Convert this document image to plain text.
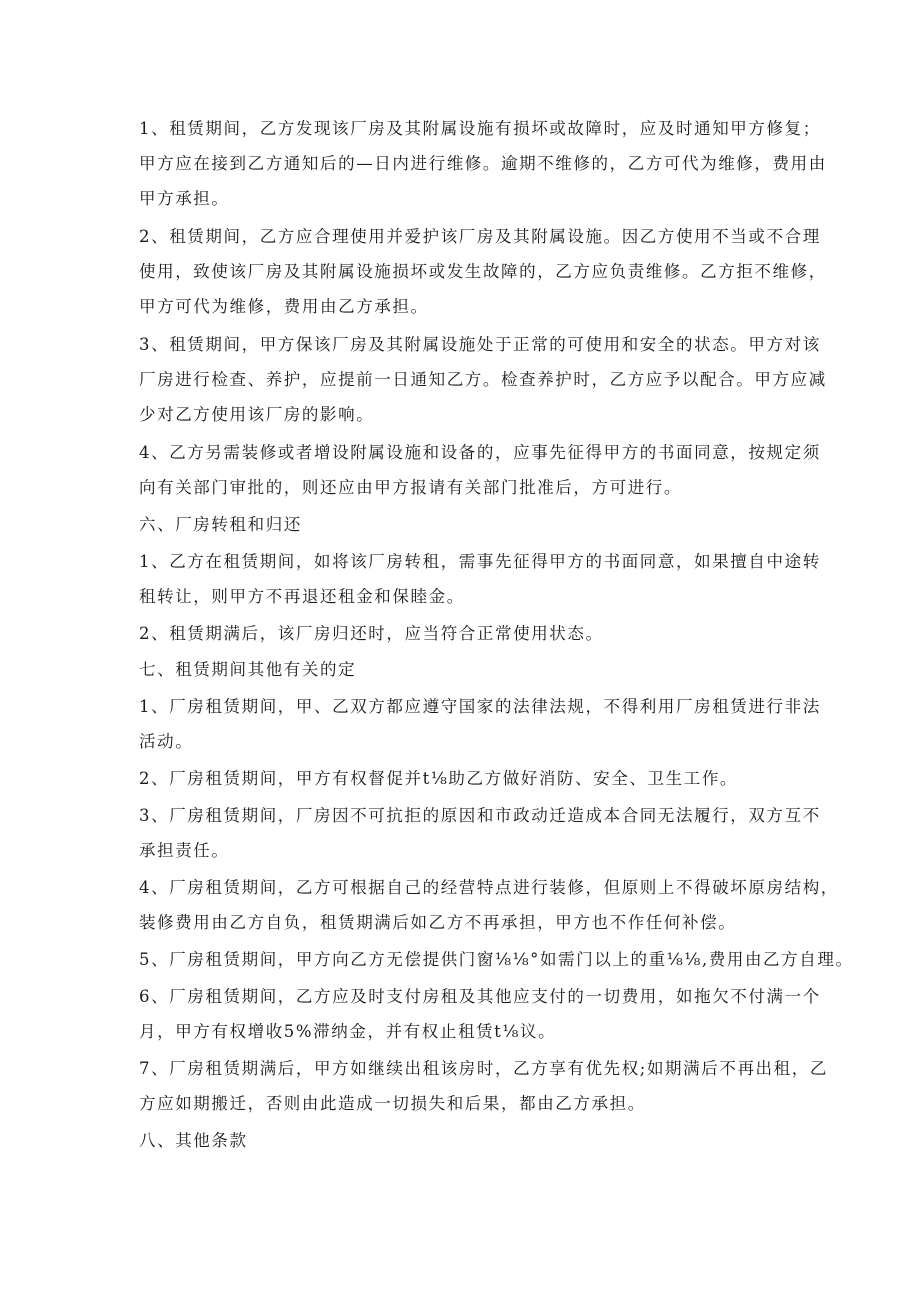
1、租赁期间，乙方发现该厂房及其附属设施有损坏或故障时，应及时通知甲方修复；

甲方应在接到乙方通知后的—日内进行维修。逾期不维修的，乙方可代为维修，费用由

甲方承担。

2、租赁期间，乙方应合理使用并爱护该厂房及其附属设施。因乙方使用不当或不合理

使用，致使该厂房及其附属设施损坏或发生故障的，乙方应负责维修。乙方拒不维修，

甲方可代为维修，费用由乙方承担。

3、租赁期间，甲方保该厂房及其附属设施处于正常的可使用和安全的状态。甲方对该

厂房进行检查、养护，应提前一日通知乙方。检查养护时，乙方应予以配合。甲方应减

少对乙方使用该厂房的影响。

4、乙方另需装修或者增设附属设施和设备的，应事先征得甲方的书面同意，按规定须

向有关部门审批的，则还应由甲方报请有关部门批准后，方可进行。

六、厂房转租和归还

1、乙方在租赁期间，如将该厂房转租，需事先征得甲方的书面同意，如果擅自中途转

租转让，则甲方不再退还租金和保睦金。

2、租赁期满后，该厂房归还时，应当符合正常使用状态。

七、租赁期间其他有关的定

1、厂房租赁期间，甲、乙双方都应遵守国家的法律法规，不得利用厂房租赁进行非法

活动。

2、厂房租赁期间，甲方有权督促并t⅛助乙方做好消防、安全、卫生工作。

3、厂房租赁期间，厂房因不可抗拒的原因和市政动迁造成本合同无法履行，双方互不

承担责任。

4、厂房租赁期间，乙方可根据自己的经营特点进行装修，但原则上不得破坏原房结构，

装修费用由乙方自负，租赁期满后如乙方不再承担，甲方也不作任何补偿。

5、厂房租赁期间，甲方向乙方无偿提供门窗⅛⅛°如需门以上的重⅛⅛,费用由乙方自理。

6、厂房租赁期间，乙方应及时支付房租及其他应支付的一切费用，如拖欠不付满一个

月，甲方有权增收5%滞纳金，并有权止租赁t⅛议。

7、厂房租赁期满后，甲方如继续出租该房时，乙方享有优先权;如期满后不再出租，乙

方应如期搬迁，否则由此造成一切损失和后果，都由乙方承担。

八、其他条款
